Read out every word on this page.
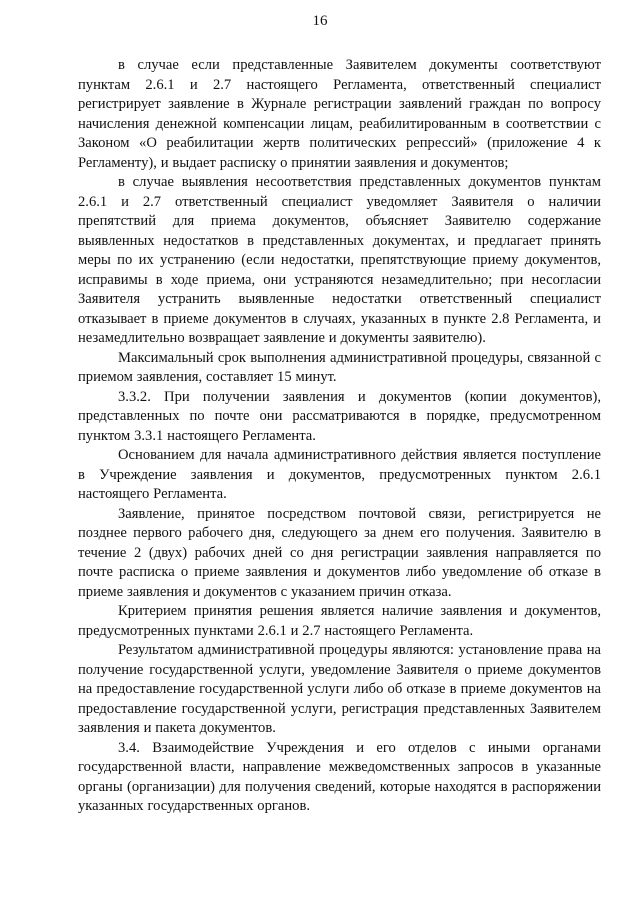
16

в случае если представленные Заявителем документы соответствуют пунктам 2.6.1 и 2.7 настоящего Регламента, ответственный специалист регистрирует заявление в Журнале регистрации заявлений граждан по вопросу начисления денежной компенсации лицам, реабилитированным в соответствии с Законом «О реабилитации жертв политических репрессий» (приложение 4 к Регламенту), и выдает расписку о принятии заявления и документов;

в случае выявления несоответствия представленных документов пунктам 2.6.1 и 2.7 ответственный специалист уведомляет Заявителя о наличии препятствий для приема документов, объясняет Заявителю содержание выявленных недостатков в представленных документах, и предлагает принять меры по их устранению (если недостатки, препятствующие приему документов, исправимы в ходе приема, они устраняются незамедлительно; при несогласии Заявителя устранить выявленные недостатки ответственный специалист отказывает в приеме документов в случаях, указанных в пункте 2.8 Регламента, и незамедлительно возвращает заявление и документы заявителю).

Максимальный срок выполнения административной процедуры, связанной с приемом заявления, составляет 15 минут.

3.3.2. При получении заявления и документов (копии документов), представленных по почте они рассматриваются в порядке, предусмотренном пунктом 3.3.1 настоящего Регламента.

Основанием для начала административного действия является поступление в Учреждение заявления и документов, предусмотренных пунктом 2.6.1 настоящего Регламента.

Заявление, принятое посредством почтовой связи, регистрируется не позднее первого рабочего дня, следующего за днем его получения. Заявителю в течение 2 (двух) рабочих дней со дня регистрации заявления направляется по почте расписка о приеме заявления и документов либо уведомление об отказе в приеме заявления и документов с указанием причин отказа.

Критерием принятия решения является наличие заявления и документов, предусмотренных пунктами 2.6.1 и 2.7 настоящего Регламента.

Результатом административной процедуры являются: установление права на получение государственной услуги, уведомление Заявителя о приеме документов на предоставление государственной услуги либо об отказе в приеме документов на предоставление государственной услуги, регистрация представленных Заявителем заявления и пакета документов.

3.4. Взаимодействие Учреждения и его отделов с иными органами государственной власти, направление межведомственных запросов в указанные органы (организации) для получения сведений, которые находятся в распоряжении указанных государственных органов.
